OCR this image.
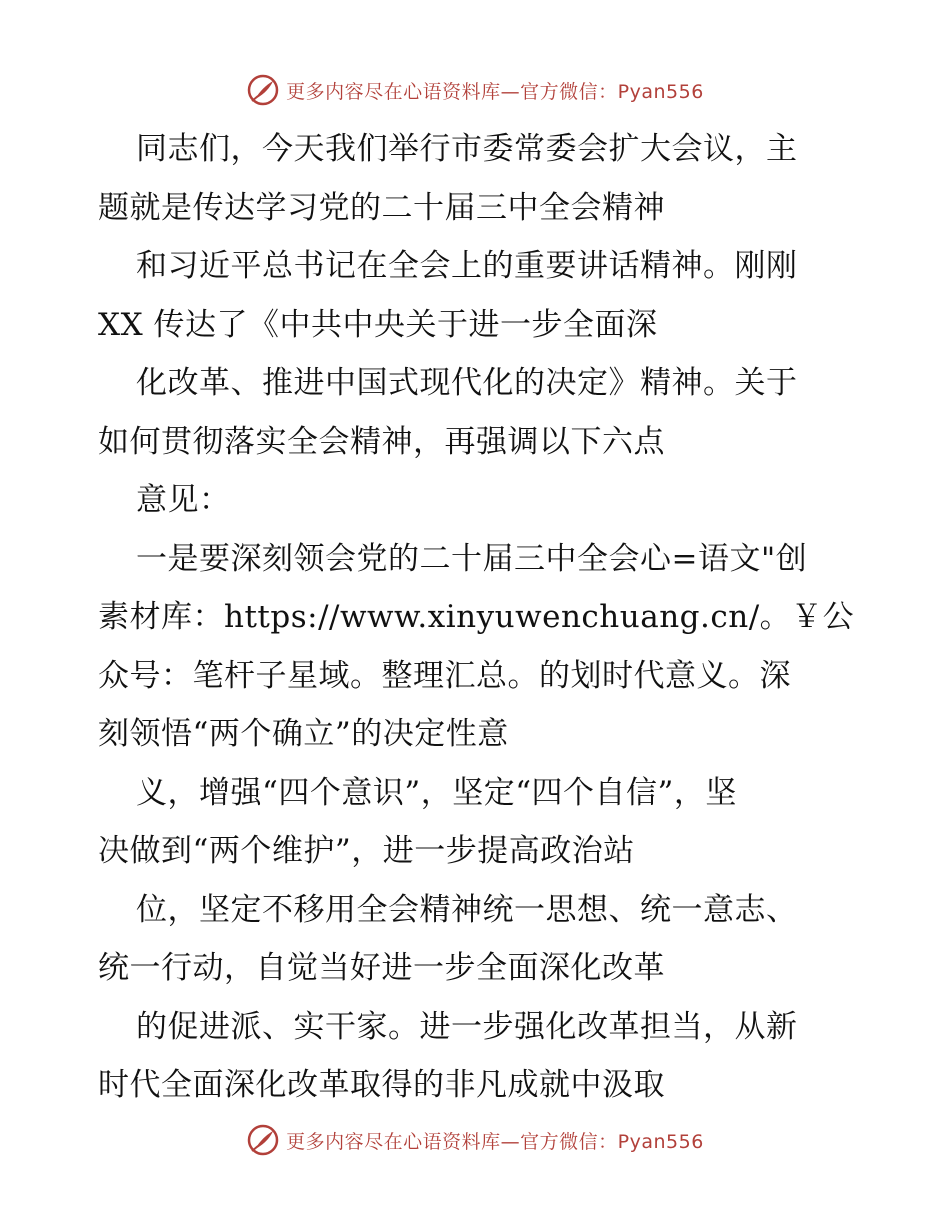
更多内容尽在心语资料库—官方微信：Pyan556

同志们，今天我们举行市委常委会扩大会议，主
题就是传达学习党的二十届三中全会精神

和习近平总书记在全会上的重要讲话精神。刚刚
XX 传达了《中共中央关于进一步全面深

化改革、推进中国式现代化的决定》精神。关于
如何贯彻落实全会精神，再强调以下六点

意见：

一是要深刻领会党的二十届三中全会心=语文"创
素材库：https://www.xinyuwenchuang.cn/。￥公
众号：笔杆子星域。整理汇总。的划时代意义。深
刻领悟“两个确立”的决定性意

义，增强“四个意识”，坚定“四个自信”，坚
决做到“两个维护”，进一步提高政治站

位，坚定不移用全会精神统一思想、统一意志、
统一行动，自觉当好进一步全面深化改革

的促进派、实干家。进一步强化改革担当，从新
时代全面深化改革取得的非凡成就中汲取

更多内容尽在心语资料库—官方微信：Pyan556
